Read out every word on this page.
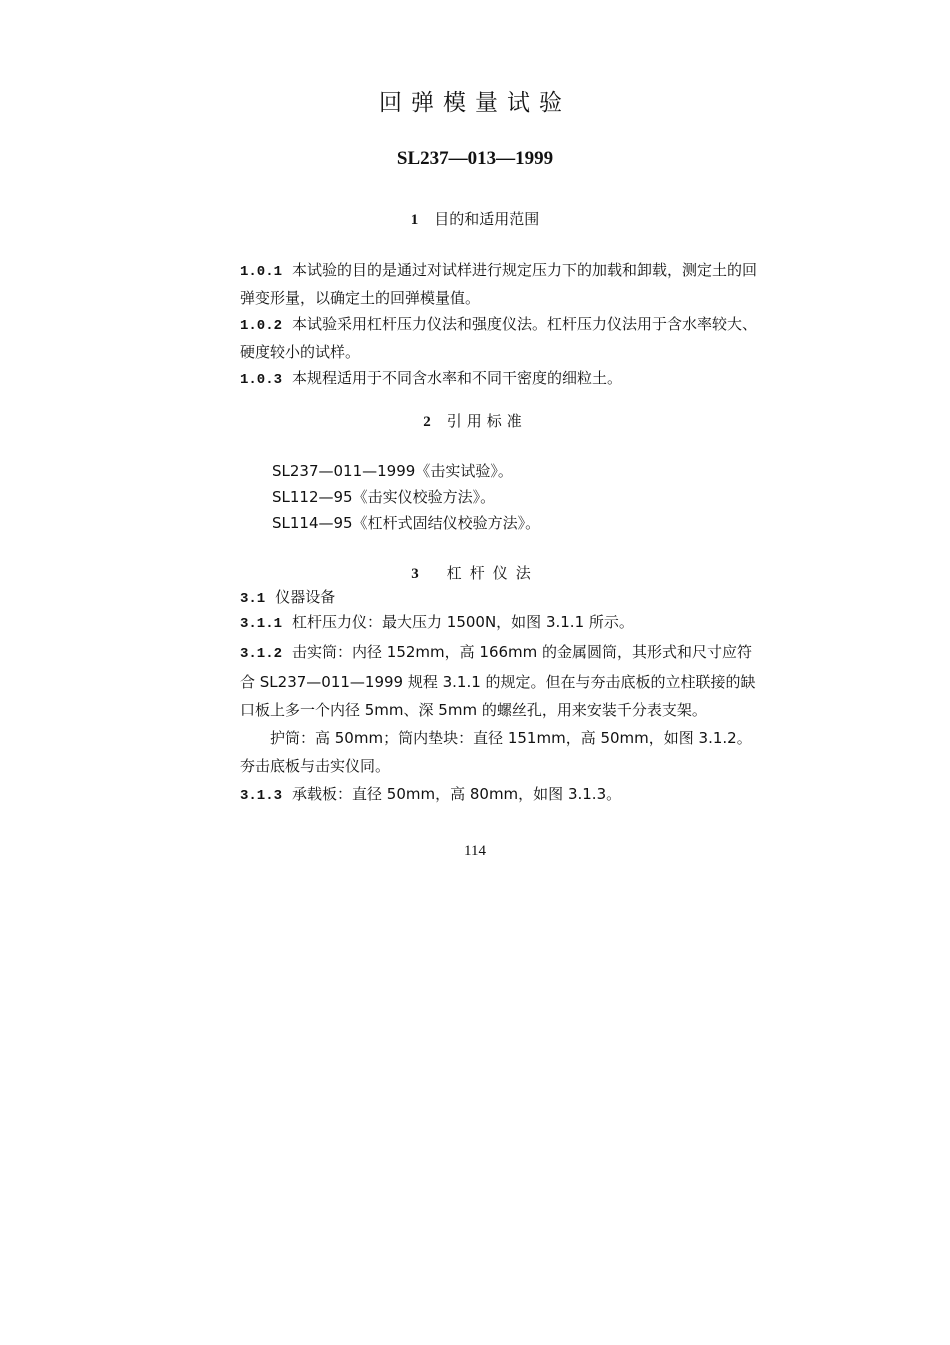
回弹模量试验
SL237—013—1999
1 目的和适用范围

1.0.1 本试验的目的是通过对试样进行规定压力下的加载和卸载，测定土的回弹变形量，以确定土的回弹模量值。

1.0.2 本试验采用杠杆压力仪法和强度仪法。杠杆压力仪法用于含水率较大、硬度较小的试样。

1.0.3 本规程适用于不同含水率和不同干密度的细粒土。

2 引用标准
SL237—011—1999《击实试验》。
SL112—95《击实仪校验方法》。
SL114—95《杠杆式固结仪校验方法》。
3 杠杆仪法
3.1 仪器设备

3.1.1 杠杆压力仪：最大压力 1500N，如图 3.1.1 所示。

3.1.2 击实筒：内径 152mm，高 166mm 的金属圆筒，其形式和尺寸应符合 SL237—011—1999 规程 3.1.1 的规定。但在与夯击底板的立柱联接的缺口板上多一个内径 5mm、深 5mm 的螺丝孔，用来安装千分表支架。

护筒：高 50mm；筒内垫块：直径 151mm，高 50mm，如图 3.1.2。夯击底板与击实仪同。

3.1.3 承载板：直径 50mm，高 80mm，如图 3.1.3。

114
